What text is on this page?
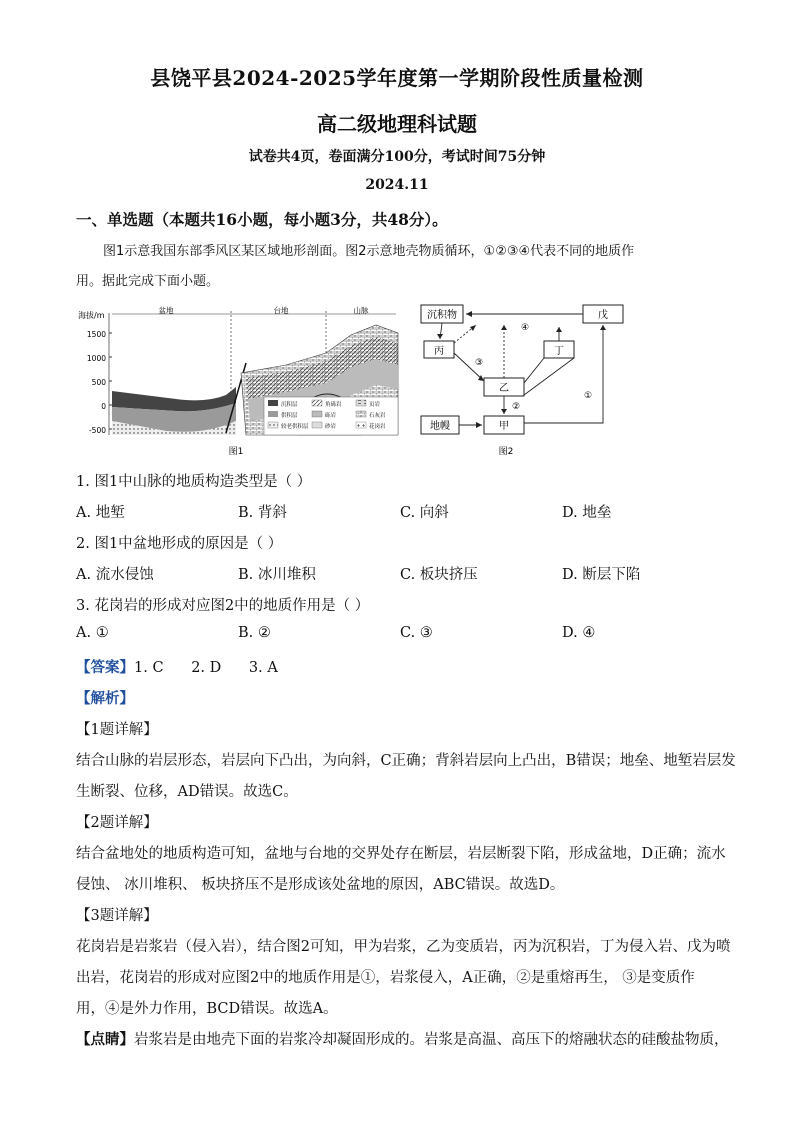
县饶平县2024-2025学年度第一学期阶段性质量检测
高二级地理科试题
试卷共4页，卷面满分100分，考试时间75分钟
2024.11
一、单选题（本题共16小题，每小题3分，共48分）。
图1示意我国东部季风区某区域地形剖面。图2示意地壳物质循环，①②③④代表不同的地质作
用。据此完成下面小题。
海拔/m
1500
1000
500
0
-500
盆地	台地	山脉
沉积层	角砾岩	页岩
供积层	砾岩	石灰岩
较老供积层	砂岩	花岗岩
图1
沉积物	戊
丙	丁
乙
地幔	甲
④
③
②
①
图2
1. 图1中山脉的地质构造类型是（ ）
A. 地堑	B. 背斜	C. 向斜	D. 地垒
2. 图1中盆地形成的原因是（ ）
A. 流水侵蚀	B. 冰川堆积	C. 板块挤压	D. 断层下陷
3. 花岗岩的形成对应图2中的地质作用是（ ）
A. ①	B. ②	C. ③	D. ④
【答案】1. C      2. D      3. A
【解析】
【1题详解】
结合山脉的岩层形态，岩层向下凸出，为向斜，C正确；背斜岩层向上凸出，B错误；地垒、地堑岩层发
生断裂、位移，AD错误。故选C。
【2题详解】
结合盆地处的地质构造可知，盆地与台地的交界处存在断层，岩层断裂下陷，形成盆地，D正确；流水
侵蚀、 冰川堆积、 板块挤压不是形成该处盆地的原因，ABC错误。故选D。
【3题详解】
花岗岩是岩浆岩（侵入岩），结合图2可知，甲为岩浆，乙为变质岩，丙为沉积岩，丁为侵入岩、戊为喷
出岩，花岗岩的形成对应图2中的地质作用是①，岩浆侵入，A正确，②是重熔再生， ③是变质作
用，④是外力作用，BCD错误。故选A。
【点睛】岩浆岩是由地壳下面的岩浆冷却凝固形成的。岩浆是高温、高压下的熔融状态的硅酸盐物质，
